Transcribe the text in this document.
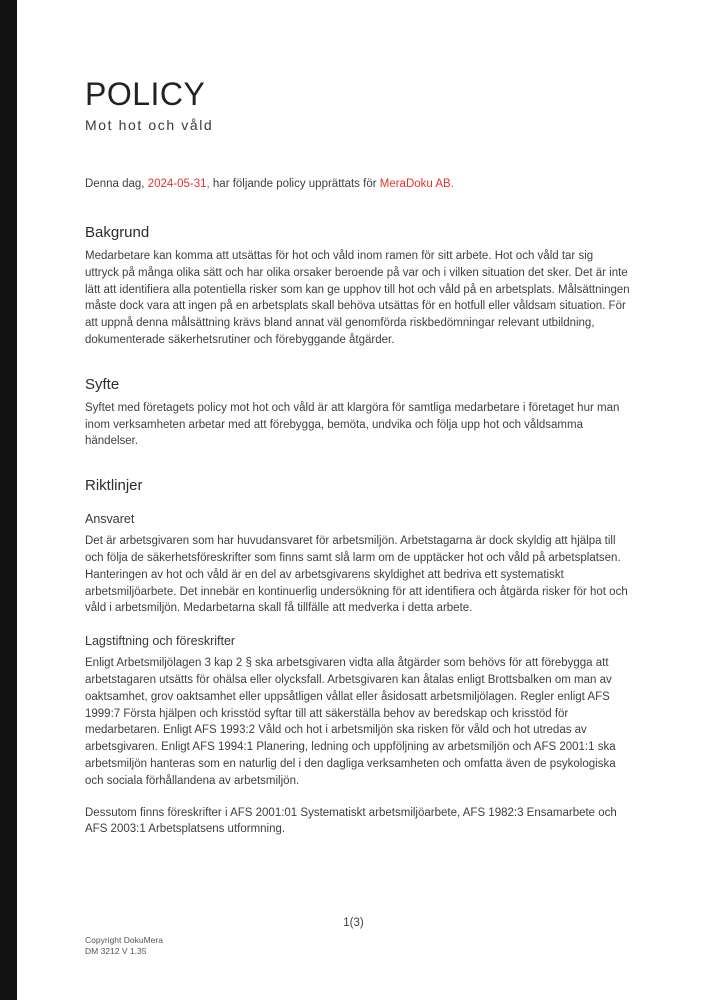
POLICY
Mot hot och våld

Denna dag, 2024-05-31, har följande policy upprättats för MeraDoku AB.

Bakgrund

Medarbetare kan komma att utsättas för hot och våld inom ramen för sitt arbete. Hot och våld tar sig uttryck på många olika sätt och har olika orsaker beroende på var och i vilken situation det sker. Det är inte lätt att identifiera alla potentiella risker som kan ge upphov till hot och våld på en arbetsplats. Målsättningen måste dock vara att ingen på en arbetsplats skall behöva utsättas för en hotfull eller våldsam situation. För att uppnå denna målsättning krävs bland annat väl genomförda riskbedömningar relevant utbildning, dokumenterade säkerhetsrutiner och förebyggande åtgärder.

Syfte

Syftet med företagets policy mot hot och våld är att klargöra för samtliga medarbetare i företaget hur man inom verksamheten arbetar med att förebygga, bemöta, undvika och följa upp hot och våldsamma händelser.

Riktlinjer
Ansvaret

Det är arbetsgivaren som har huvudansvaret för arbetsmiljön. Arbetstagarna är dock skyldig att hjälpa till och följa de säkerhetsföreskrifter som finns samt slå larm om de upptäcker hot och våld på arbetsplatsen. Hanteringen av hot och våld är en del av arbetsgivarens skyldighet att bedriva ett systematiskt arbetsmiljöarbete. Det innebär en kontinuerlig undersökning för att identifiera och åtgärda risker för hot och våld i arbetsmiljön. Medarbetarna skall få tillfälle att medverka i detta arbete.

Lagstiftning och föreskrifter

Enligt Arbetsmiljölagen 3 kap 2 § ska arbetsgivaren vidta alla åtgärder som behövs för att förebygga att arbetstagaren utsätts för ohälsa eller olycksfall. Arbetsgivaren kan åtalas enligt Brottsbalken om man av oaktsamhet, grov oaktsamhet eller uppsåtligen vållat eller åsidosatt arbetsmiljölagen. Regler enligt AFS 1999:7 Första hjälpen och krisstöd syftar till att säkerställa behov av beredskap och krisstöd för medarbetaren. Enligt AFS 1993:2 Våld och hot i arbetsmiljön ska risken för våld och hot utredas av arbetsgivaren. Enligt AFS 1994:1 Planering, ledning och uppföljning av arbetsmiljön och AFS 2001:1 ska arbetsmiljön hanteras som en naturlig del i den dagliga verksamheten och omfatta även de psykologiska och sociala förhållandena av arbetsmiljön.

Dessutom finns föreskrifter i AFS 2001:01 Systematiskt arbetsmiljöarbete, AFS 1982:3 Ensamarbete och AFS 2003:1 Arbetsplatsens utformning.

1(3)
Copyright DokuMera
DM 3212 V 1.35
